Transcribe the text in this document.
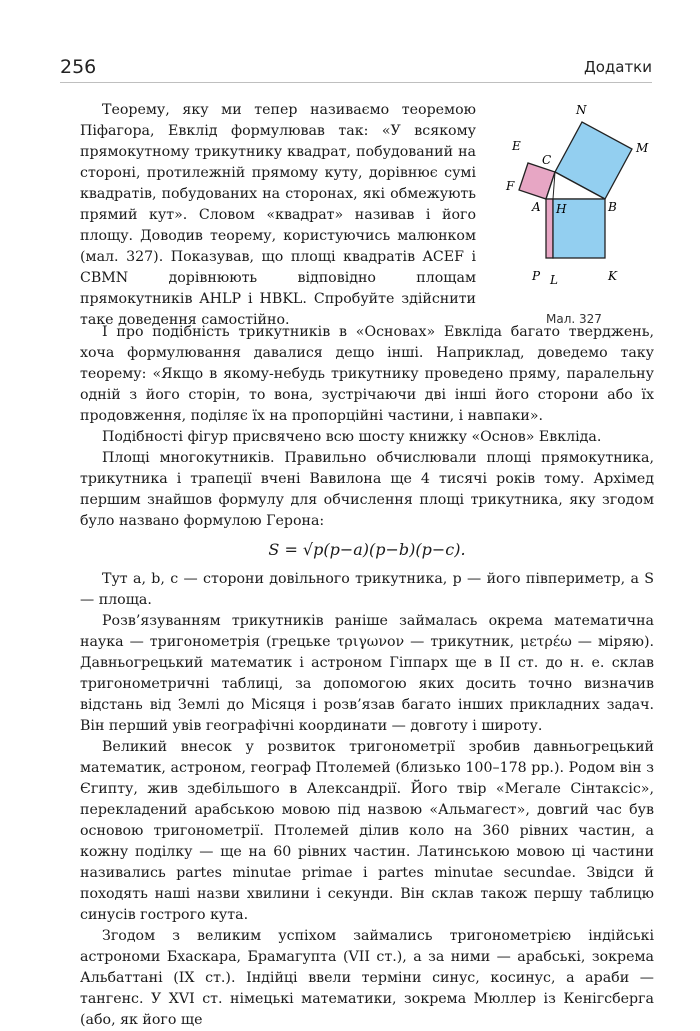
256	Додатки
N
E
C
M
F
A H	B
P L	K
Мал. 327

Теорему, яку ми тепер називаємо теоремою Піфагора, Евклід формулював так: «У всякому прямокутному трикутнику квадрат, побудований на стороні, протилежній прямому куту, дорівнює сумі квадратів, побудованих на сторонах, які обмежують прямий кут». Словом «квадрат» називав і його площу. Доводив теорему, користуючись малюнком (мал. 327). Показував, що площі квадратів ACEF і CBMN дорівнюють відповідно площам прямокутників AHLP і HBKL. Спробуйте здійснити таке доведення самостійно.

І про подібність трикутників в «Основах» Евкліда багато тверджень, хоча формулювання давалися дещо інші. Наприклад, доведемо таку теорему: «Якщо в якому-небудь трикутнику проведено пряму, паралельну одній з його сторін, то вона, зустрічаючи дві інші його сторони або їх продовження, поділяє їх на пропорційні частини, і навпаки».

Подібності фігур присвячено всю шосту книжку «Основ» Евкліда.

Площі многокутників. Правильно обчислювали площі прямокутника, трикутника і трапеції вчені Вавилона ще 4 тисячі років тому. Архімед першим знайшов формулу для обчислення площі трикутника, яку згодом було названо формулою Герона:

S = √p(p−a)(p−b)(p−c).

Тут a, b, c — сторони довільного трикутника, p — його півпериметр, а S — площа.

Розв’язуванням трикутників раніше займалась окрема математична наука — тригонометрія (грецьке τριγωνον — трикутник, μετρέω — міряю). Давньогрецький математик і астроном Гіппарх ще в II ст. до н. е. склав тригонометричні таблиці, за допомогою яких досить точно визначив відстань від Землі до Місяця і розв’язав багато інших прикладних задач. Він перший увів географічні координати — довготу і широту.

Великий внесок у розвиток тригонометрії зробив давньогрецький математик, астроном, географ Птолемей (близько 100–178 рр.). Родом він з Єгипту, жив здебільшого в Александрії. Його твір «Мегале Сінтаксіс», перекладений арабською мовою під назвою «Альмагест», довгий час був основою тригонометрії. Птолемей ділив коло на 360 рівних частин, а кожну поділку — ще на 60 рівних частин. Латинською мовою ці частини називались partes minutae primae і partes minutae secundae. Звідси й походять наші назви хвилини і секунди. Він склав також першу таблицю синусів гострого кута.

Згодом з великим успіхом займались тригонометрією індійські астрономи Бхаскара, Брамагупта (VII ст.), а за ними — арабські, зокрема Альбаттані (IX ст.). Індійці ввели терміни синус, косинус, а араби — тангенс. У XVI ст. німецькі математики, зокрема Мюллер із Кенігсберга (або, як його ще
